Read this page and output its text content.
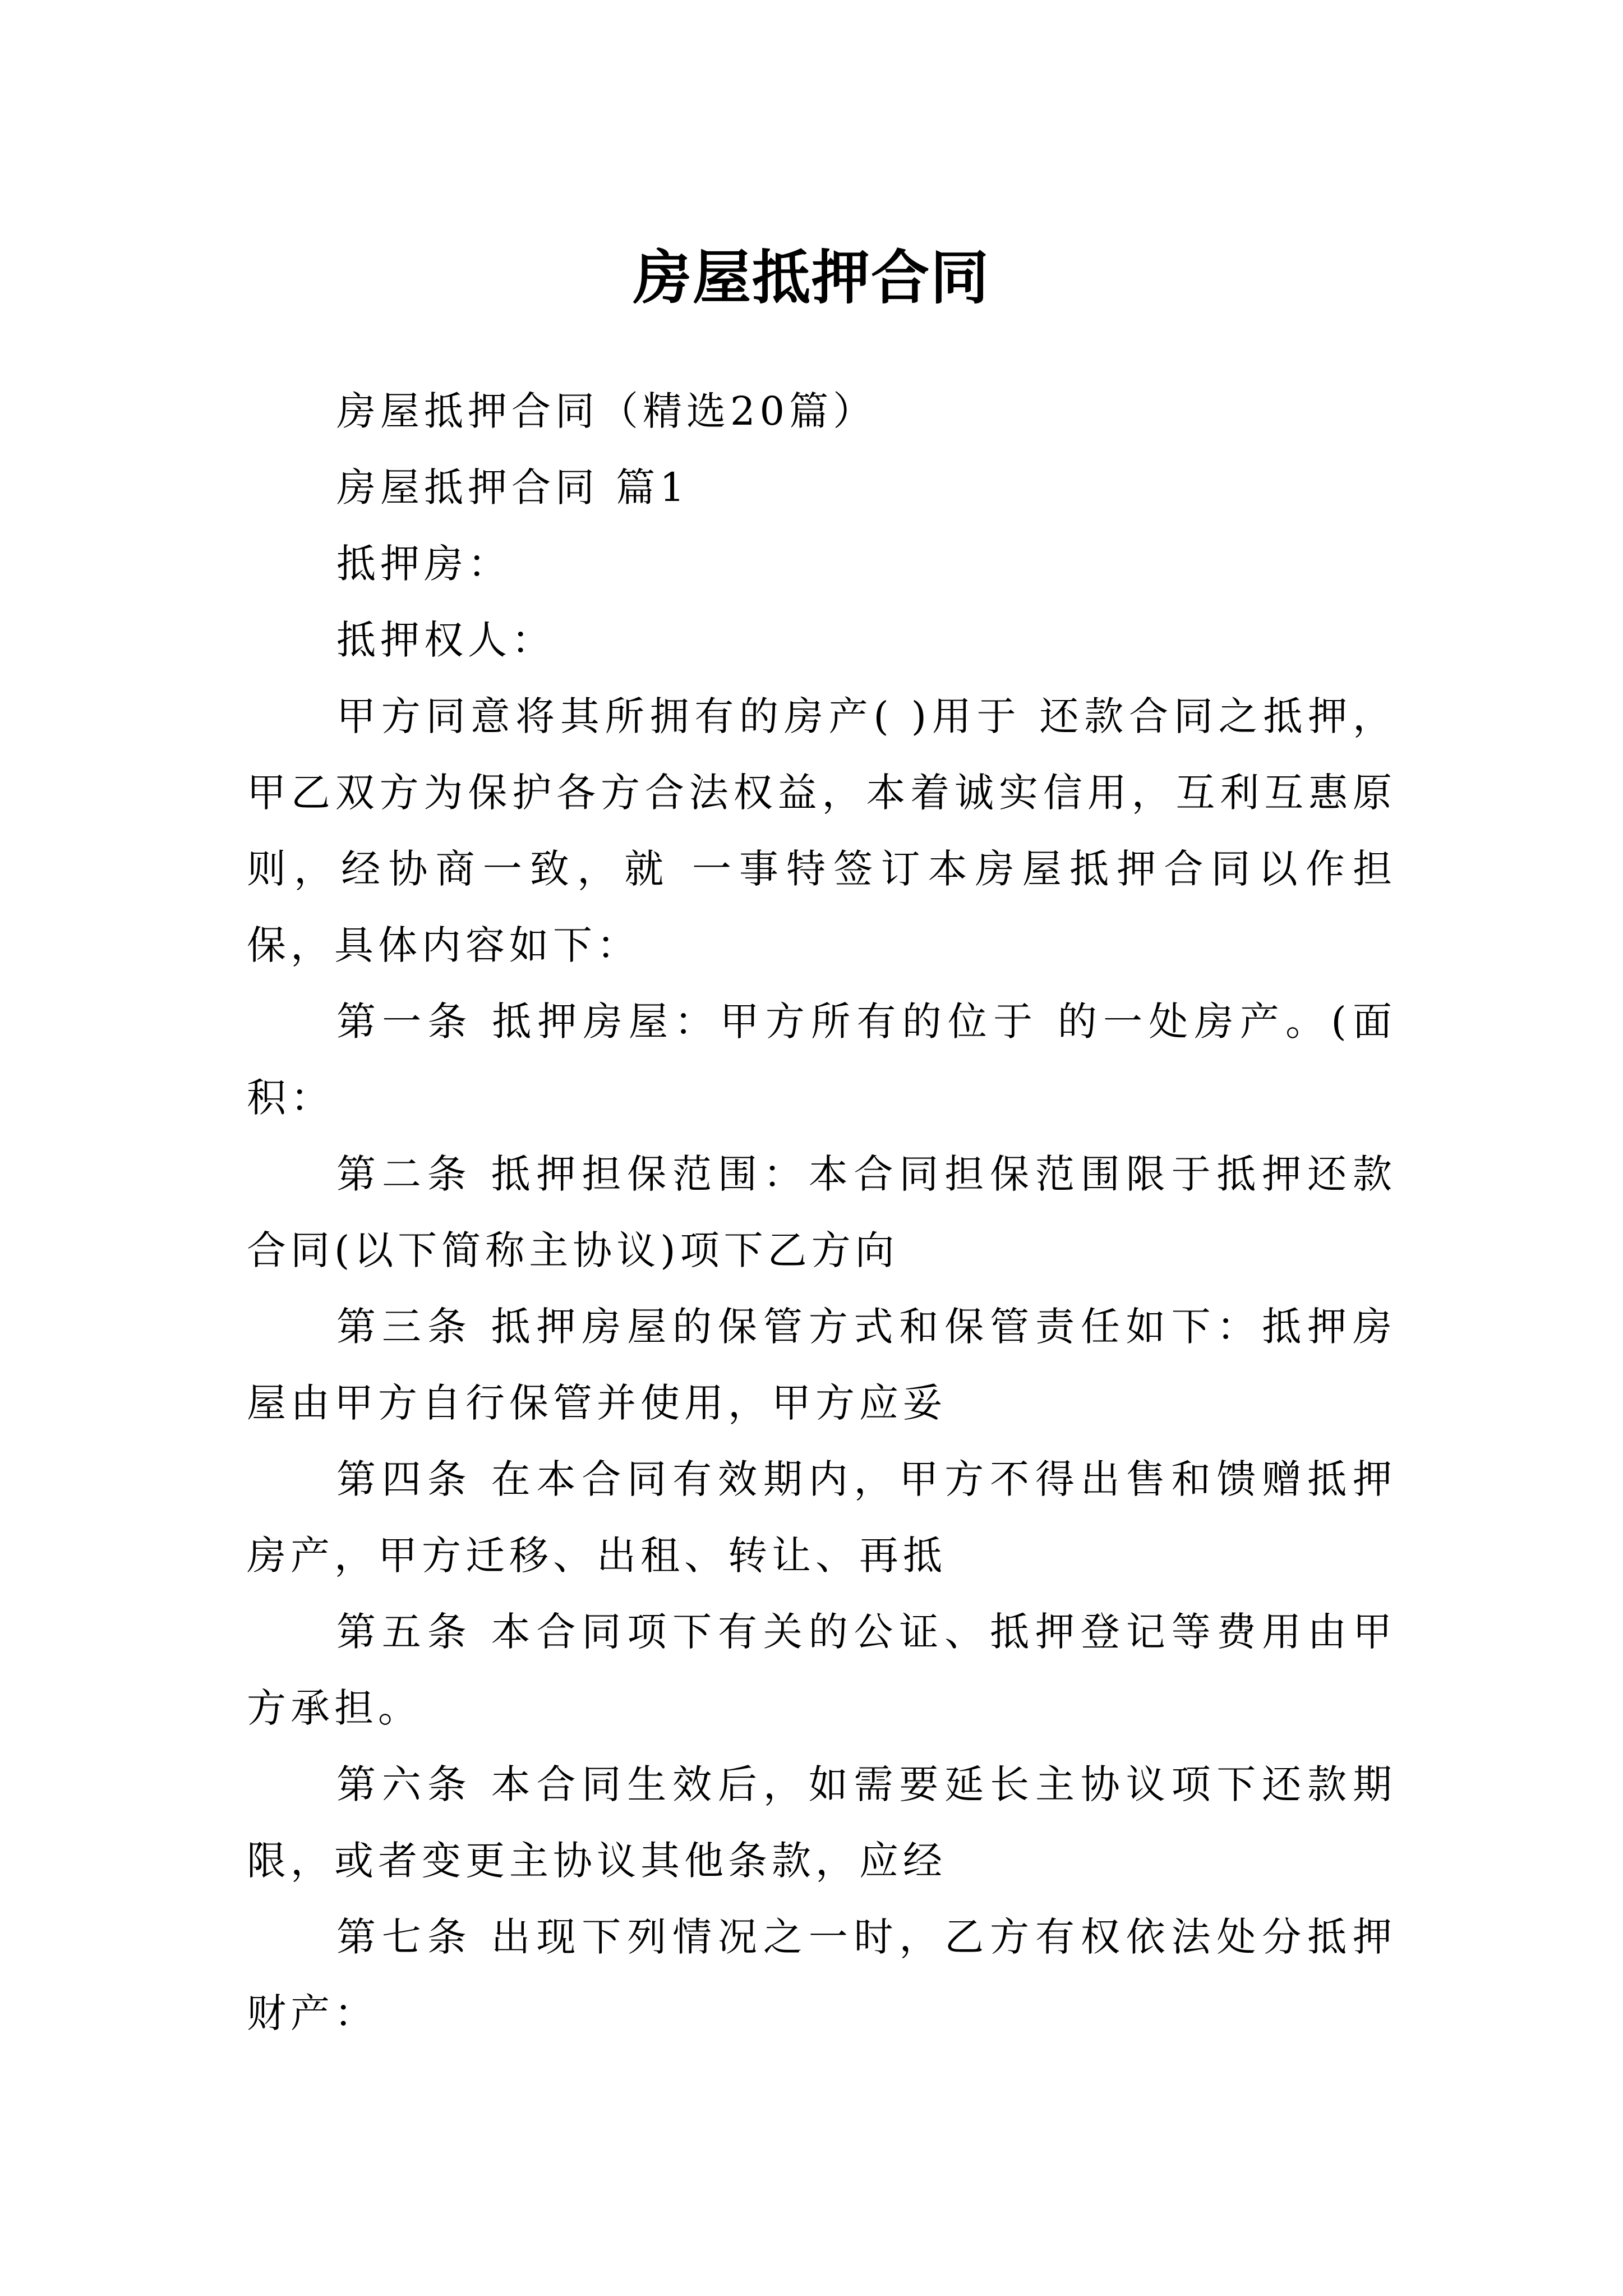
房屋抵押合同

房屋抵押合同（精选20篇）

房屋抵押合同 篇1

抵押房：

抵押权人：

甲方同意将其所拥有的房产( )用于 还款合同之抵押，甲乙双方为保护各方合法权益，本着诚实信用，互利互惠原则，经协商一致，就 一事特签订本房屋抵押合同以作担保，具体内容如下：

第一条 抵押房屋：甲方所有的位于 的一处房产。(面积：

第二条 抵押担保范围：本合同担保范围限于抵押还款合同(以下简称主协议)项下乙方向

第三条 抵押房屋的保管方式和保管责任如下：抵押房屋由甲方自行保管并使用，甲方应妥

第四条 在本合同有效期内，甲方不得出售和馈赠抵押房产，甲方迁移、出租、转让、再抵

第五条 本合同项下有关的公证、抵押登记等费用由甲方承担。

第六条 本合同生效后，如需要延长主协议项下还款期限，或者变更主协议其他条款，应经

第七条 出现下列情况之一时，乙方有权依法处分抵押财产：
